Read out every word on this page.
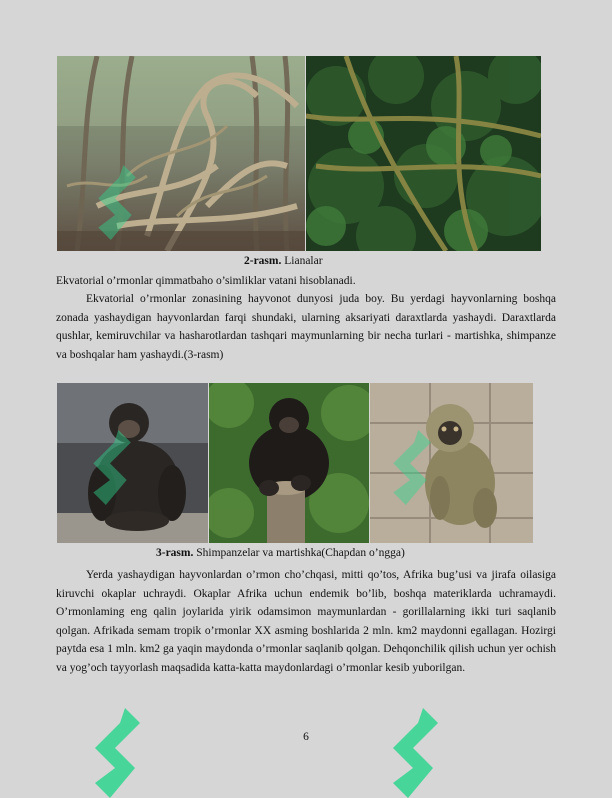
2-rasm. Lianalar
Ekvatorial o’rmonlar qimmatbaho o’simliklar vatani hisoblanadi.
Ekvatorial o’rmonlar zonasining hayvonot dunyosi juda boy. Bu yerdagi hayvonlarning boshqa zonada yashaydigan hayvonlardan farqi shundaki, ularning aksariyati daraxtlarda yashaydi. Daraxtlarda qushlar, kemiruvchilar va hasharotlardan tashqari maymunlarning bir necha turlari - martishka, shimpanze va boshqalar ham yashaydi.(3-rasm)
3-rasm. Shimpanzelar va martishka(Chapdan o’ngga)
Yerda yashaydigan hayvonlardan o’rmon cho’chqasi, mitti qo’tos, Afrika bug’usi va jirafa oilasiga kiruvchi okaplar uchraydi. Okaplar Afrika uchun endemik bo’lib, boshqa materiklarda uchramaydi. O’rmonlaming eng qalin joylarida yirik odamsimon maymunlardan - gorillalarning ikki turi saqlanib qolgan. Afrikada semam tropik o’rmonlar XX asming boshlarida 2 mln. km2 maydonni egallagan. Hozirgi paytda esa 1 mln. km2 ga yaqin maydonda o’rmonlar saqlanib qolgan. Dehqonchilik qilish uchun yer ochish va yog’och tayyorlash maqsadida katta-katta maydonlardagi o’rmonlar kesib yuborilgan.
6
